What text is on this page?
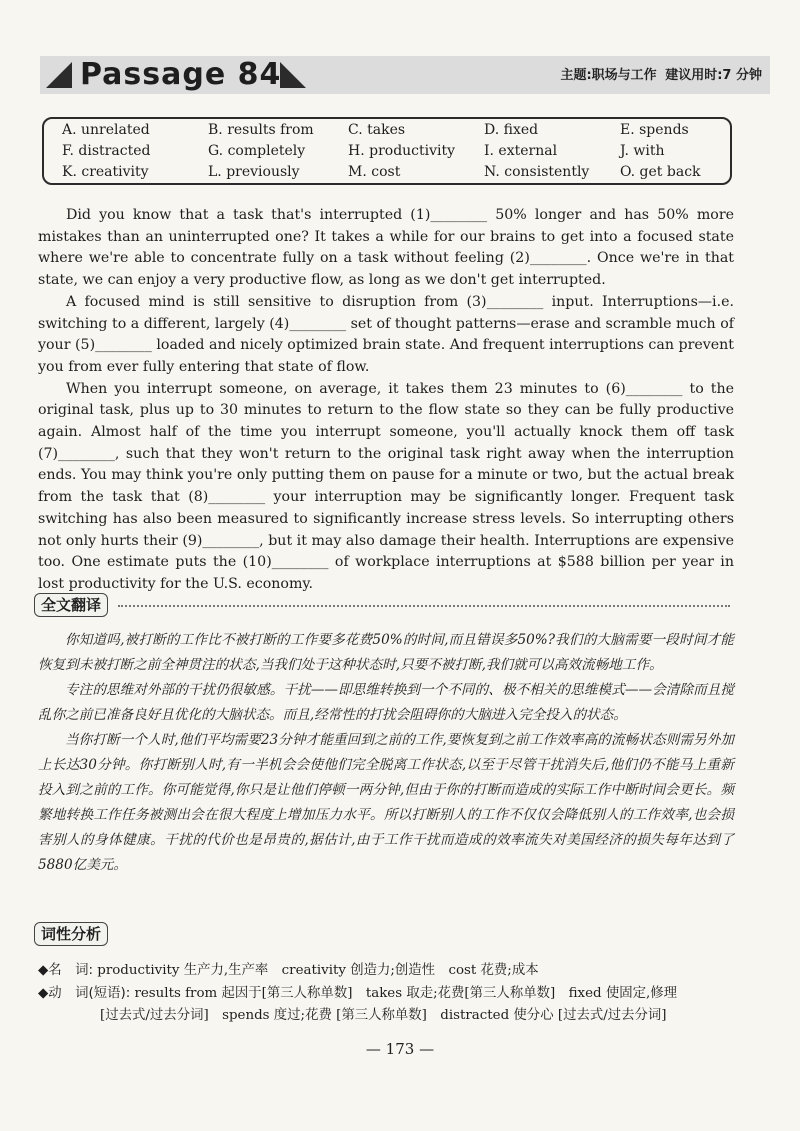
Passage 84	主题:职场与工作 建议用时:7 分钟
A. unrelated	B. results from C. takes	D. fixed	E. spends
F. distracted	G. completely	H. productivity I. external	J. with
K. creativity	L. previously	M. cost	N. consistently O. get back

Did you know that a task that's interrupted (1)________ 50% longer and has 50% more mistakes than an uninterrupted one? It takes a while for our brains to get into a focused state where we're able to concentrate fully on a task without feeling (2)________. Once we're in that state, we can enjoy a very productive flow, as long as we don't get interrupted.

A focused mind is still sensitive to disruption from (3)________ input. Interruptions—i.e. switching to a different, largely (4)________ set of thought patterns—erase and scramble much of your (5)________ loaded and nicely optimized brain state. And frequent interruptions can prevent you from ever fully entering that state of flow.

When you interrupt someone, on average, it takes them 23 minutes to (6)________ to the original task, plus up to 30 minutes to return to the flow state so they can be fully productive again. Almost half of the time you interrupt someone, you'll actually knock them off task (7)________, such that they won't return to the original task right away when the interruption ends. You may think you're only putting them on pause for a minute or two, but the actual break from the task that (8)________ your interruption may be significantly longer. Frequent task switching has also been measured to significantly increase stress levels. So interrupting others not only hurts their (9)________, but it may also damage their health. Interruptions are expensive too. One estimate puts the (10)________ of workplace interruptions at $588 billion per year in lost productivity for the U.S. economy.

全文翻译

你知道吗,被打断的工作比不被打断的工作要多花费50%的时间,而且错误多50%?我们的大脑需要一段时间才能恢复到未被打断之前全神贯注的状态,当我们处于这种状态时,只要不被打断,我们就可以高效流畅地工作。

专注的思维对外部的干扰仍很敏感。干扰——即思维转换到一个不同的、极不相关的思维模式——会清除而且搅乱你之前已准备良好且优化的大脑状态。而且,经常性的打扰会阻碍你的大脑进入完全投入的状态。

当你打断一个人时,他们平均需要23分钟才能重回到之前的工作,要恢复到之前工作效率高的流畅状态则需另外加上长达30分钟。你打断别人时,有一半机会会使他们完全脱离工作状态,以至于尽管干扰消失后,他们仍不能马上重新投入到之前的工作。你可能觉得,你只是让他们停顿一两分钟,但由于你的打断而造成的实际工作中断时间会更长。频繁地转换工作任务被测出会在很大程度上增加压力水平。所以打断别人的工作不仅仅会降低别人的工作效率,也会损害别人的身体健康。干扰的代价也是昂贵的,据估计,由于工作干扰而造成的效率流失对美国经济的损失每年达到了5880亿美元。

词性分析
◆名　词: productivity 生产力,生产率　creativity 创造力;创造性　cost 花费;成本
◆动　词(短语): results from 起因于[第三人称单数]　takes 取走;花费[第三人称单数]　fixed 使固定,修理
[过去式/过去分词]　spends 度过;花费 [第三人称单数]　distracted 使分心 [过去式/过去分词]
— 173 —
